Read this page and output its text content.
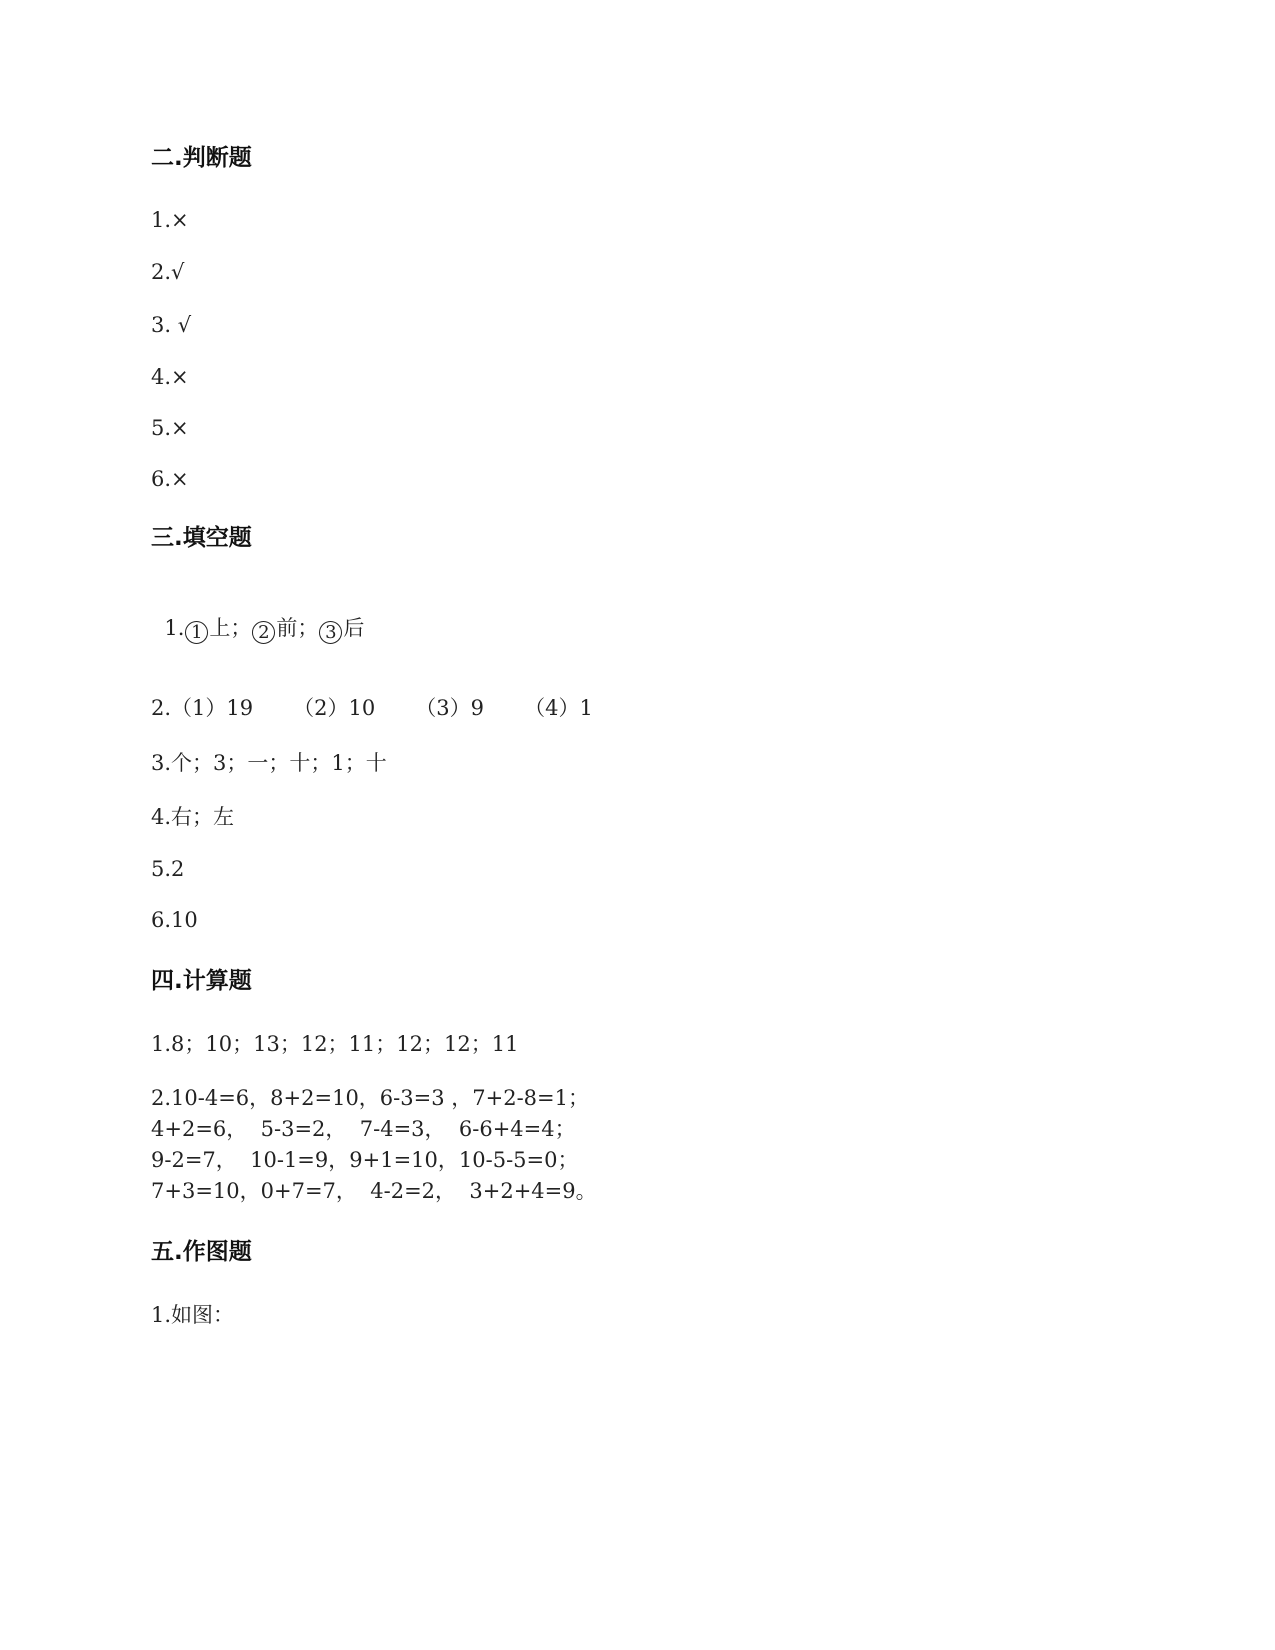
二.判断题
1.×
2.√
3. √
4.×
5.×
6.×
三.填空题

1. 1 上； 2 前； 3 后

2.（1）19      （2）10      （3）9      （4）1
3.个；3；一；十；1；十
4.右；左
5.2
6.10
四.计算题
1.8；10；13；12；11；12；12；11
2.10-4=6，8+2=10，6-3=3 ，7+2-8=1；
4+2=6，  5-3=2，  7-4=3，  6-6+4=4；
9-2=7，  10-1=9，9+1=10，10-5-5=0；
7+3=10，0+7=7，  4-2=2，  3+2+4=9。
五.作图题
1.如图：
